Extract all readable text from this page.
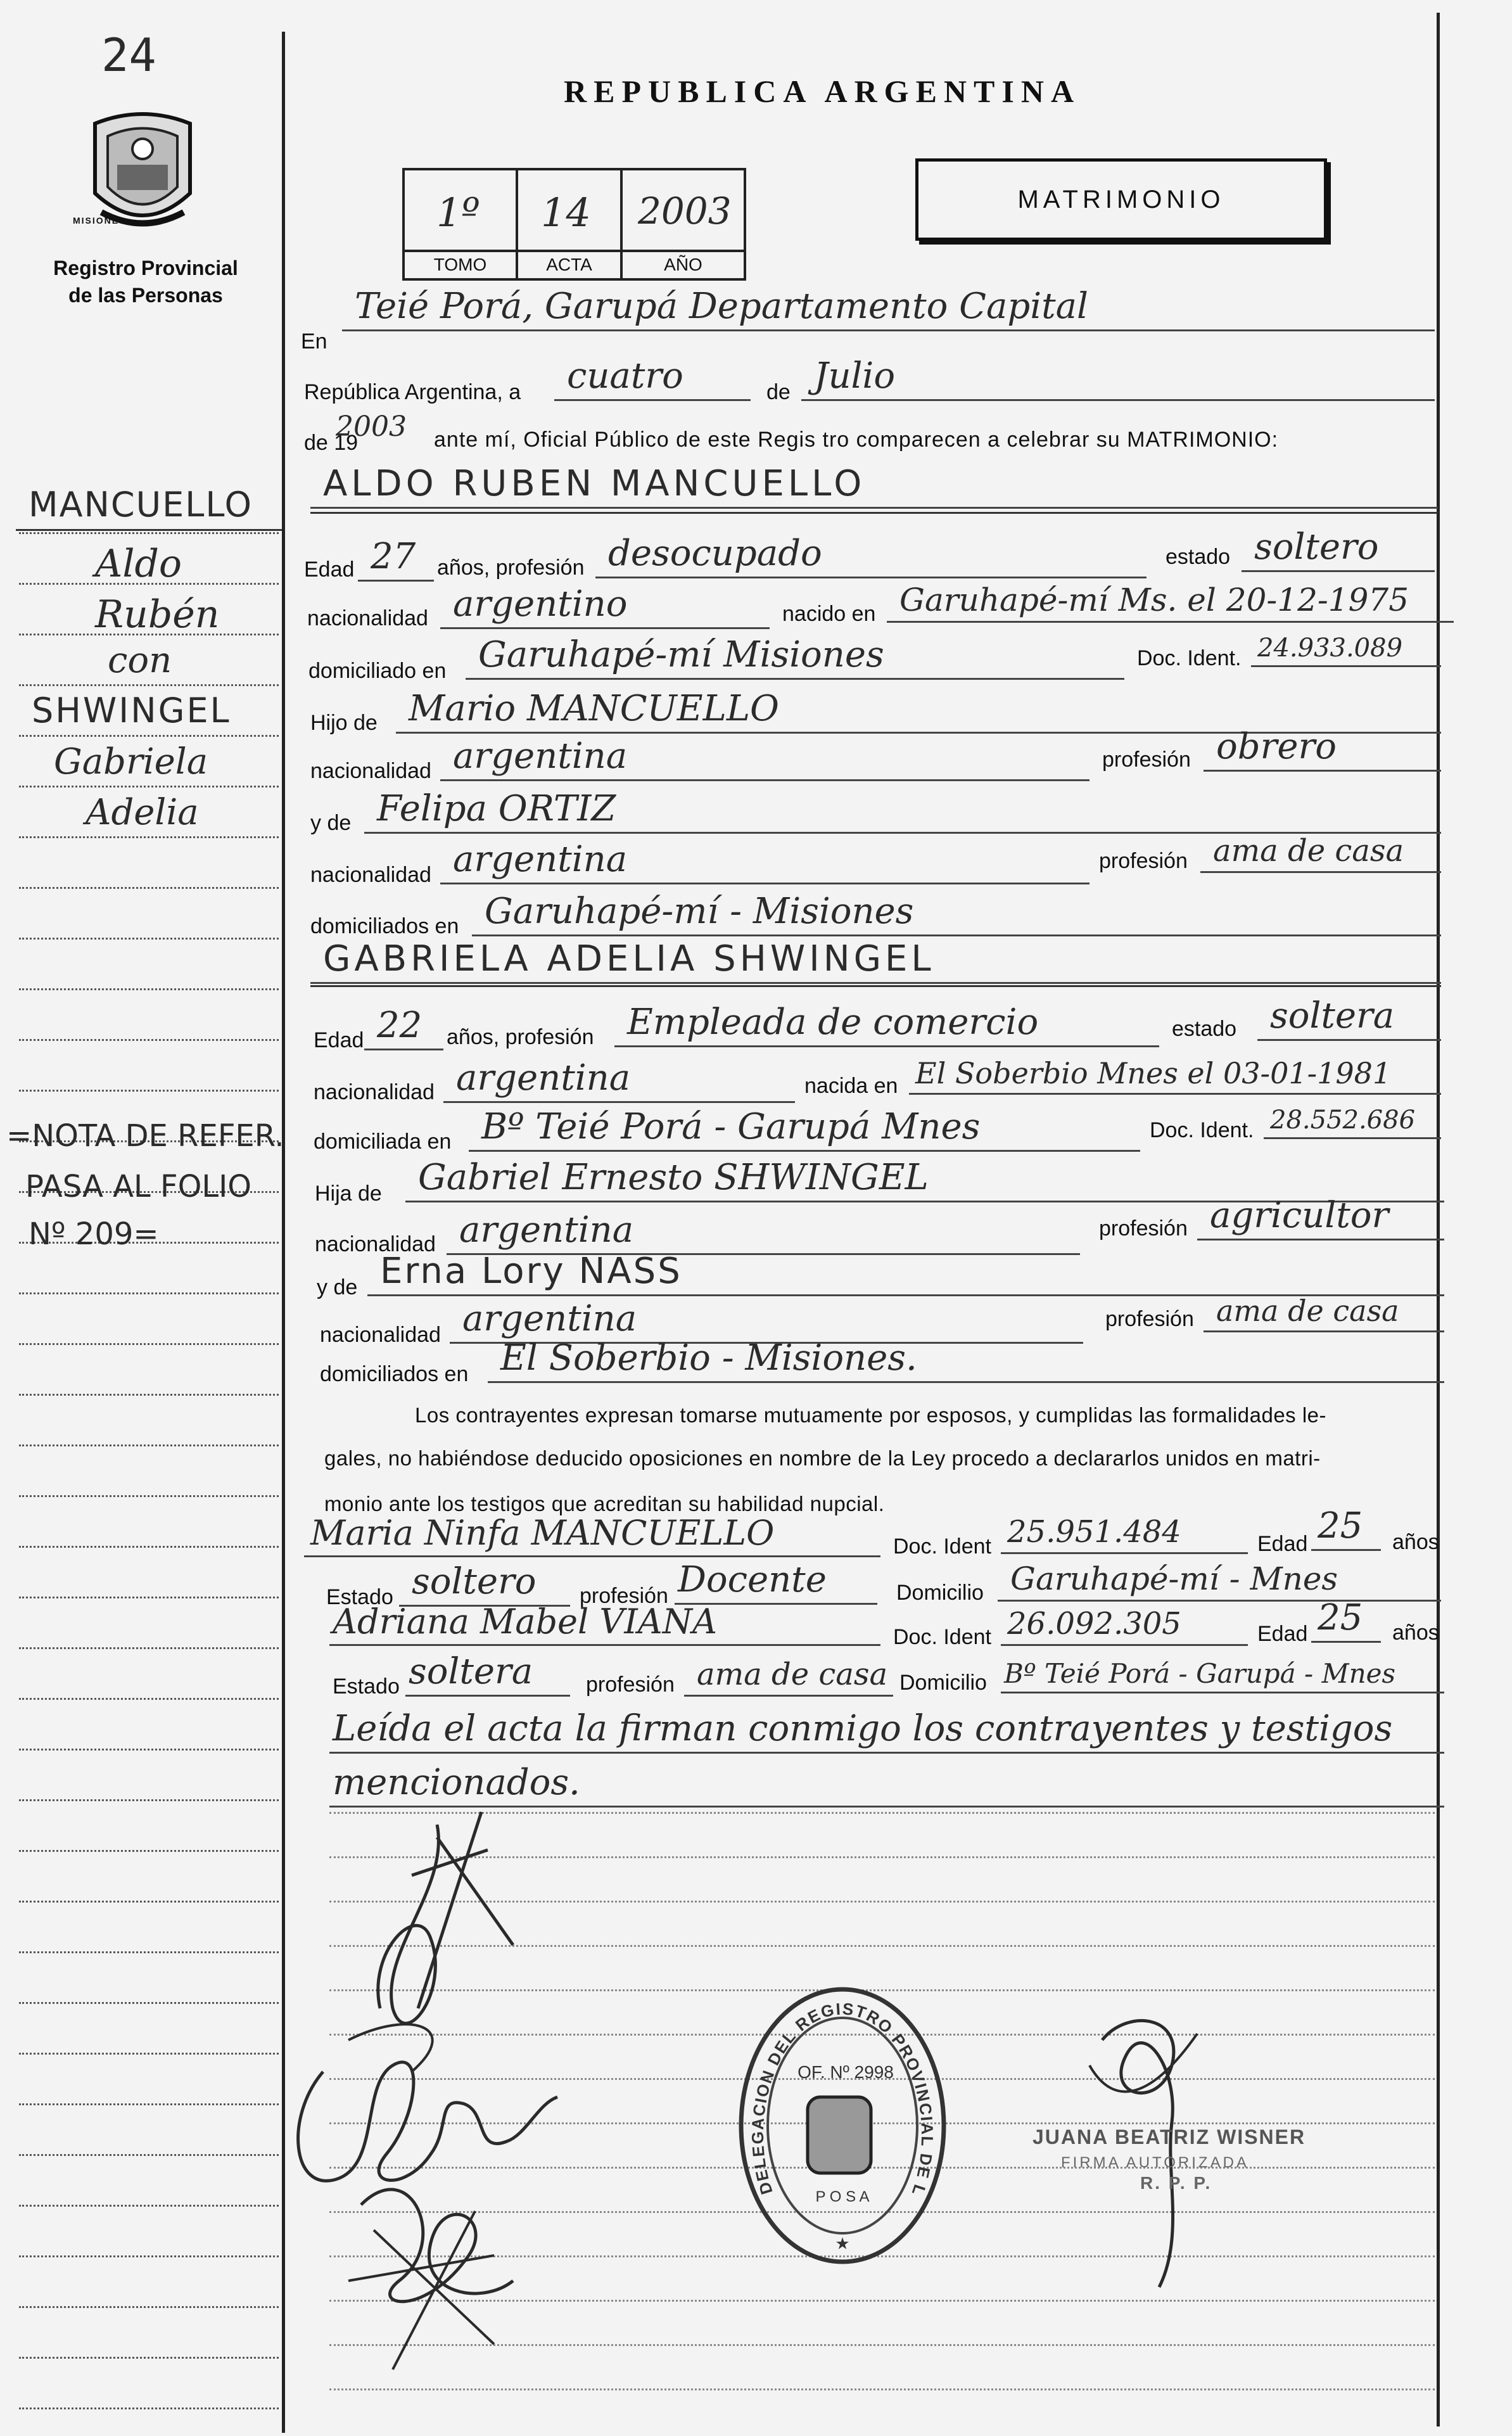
24
MISIONES
Registro Provincial
de las Personas
REPUBLICA ARGENTINA
1º 14 2003
TOMO	ACTA	AÑO
MATRIMONIO
MANCUELLO
Aldo
Rubén
con
SHWINGEL
Gabriela
Adelia
=NOTA DE REFER.
PASA AL FOLIO
Nº 209=
En
Teié Porá, Garupá Departamento Capital
República Argentina, a cuatro	de Julio
de 19
2003 ante mí, Oficial Público de este Regis tro comparecen a celebrar su MATRIMONIO:
ALDO RUBEN MANCUELLO
Edad 27 años, profesión desocupado	estado soltero
nacionalidad argentino	nacido en Garuhapé-mí Ms. el 20-12-1975
domiciliado en Garuhapé-mí Misiones	Doc. Ident. 24.933.089
Hijo de Mario MANCUELLO
nacionalidad argentina	profesión obrero
y de Felipa ORTIZ
nacionalidad argentina	profesión ama de casa
domiciliados en Garuhapé-mí - Misiones
GABRIELA ADELIA SHWINGEL
Edad 22 años, profesión Empleada de comercio	estado soltera
nacionalidad argentina	nacida en El Soberbio Mnes el 03-01-1981
domiciliada en Bº Teié Porá - Garupá Mnes	Doc. Ident. 28.552.686
Hija de Gabriel Ernesto SHWINGEL
nacionalidad argentina	profesión agricultor
y de Erna Lory NASS
nacionalidad argentina	profesión ama de casa
domiciliados en El Soberbio - Misiones.
Los contrayentes expresan tomarse mutuamente por esposos, y cumplidas las formalidades le-
gales, no habiéndose deducido oposiciones en nombre de la Ley procedo a declararlos unidos en matri-
monio ante los testigos que acreditan su habilidad nupcial.
Maria Ninfa MANCUELLO	Doc. Ident 25.951.484	Edad 25 años
Estado soltero profesión Docente	Domicilio Garuhapé-mí - Mnes
Adriana Mabel VIANA	Doc. Ident 26.092.305	Edad 25 años
Estado soltera profesión ama de casa Domicilio Bº Teié Porá - Garupá - Mnes
Leída el acta la firman conmigo los contrayentes y testigos
mencionados.
DELEGACION DEL REGISTRO PROVINCIAL DE LAS PERSONAS
OF. Nº 2998
P O S A
★
JUANA BEATRIZ WISNER
FIRMA AUTORIZADA
R. P. P.
